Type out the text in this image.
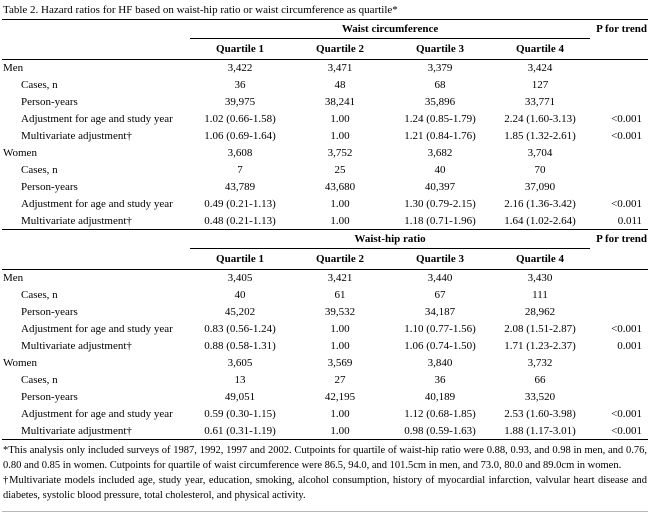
Table 2. Hazard ratios for HF based on waist-hip ratio or waist circumference as quartile*
	Waist circumference				P for trend
	Quartile 1	Quartile 2	Quartile 3	Quartile 4	
Men	3,422	3,471	3,379	3,424	
Cases, n	36	48	68	127	
Person-years	39,975	38,241	35,896	33,771	
Adjustment for age and study year	1.02 (0.66-1.58)	1.00	1.24 (0.85-1.79)	2.24 (1.60-3.13)	<0.001
Multivariate adjustment†	1.06 (0.69-1.64)	1.00	1.21 (0.84-1.76)	1.85 (1.32-2.61)	<0.001
Women	3,608	3,752	3,682	3,704	
Cases, n	7	25	40	70	
Person-years	43,789	43,680	40,397	37,090	
Adjustment for age and study year	0.49 (0.21-1.13)	1.00	1.30 (0.79-2.15)	2.16 (1.36-3.42)	<0.001
Multivariate adjustment†	0.48 (0.21-1.13)	1.00	1.18 (0.71-1.96)	1.64 (1.02-2.64)	0.011
	Waist-hip ratio				P for trend
	Quartile 1	Quartile 2	Quartile 3	Quartile 4	
Men	3,405	3,421	3,440	3,430	
Cases, n	40	61	67	111	
Person-years	45,202	39,532	34,187	28,962	
Adjustment for age and study year	0.83 (0.56-1.24)	1.00	1.10 (0.77-1.56)	2.08 (1.51-2.87)	<0.001
Multivariate adjustment†	0.88 (0.58-1.31)	1.00	1.06 (0.74-1.50)	1.71 (1.23-2.37)	0.001
Women	3,605	3,569	3,840	3,732	
Cases, n	13	27	36	66	
Person-years	49,051	42,195	40,189	33,520	
Adjustment for age and study year	0.59 (0.30-1.15)	1.00	1.12 (0.68-1.85)	2.53 (1.60-3.98)	<0.001
Multivariate adjustment†	0.61 (0.31-1.19)	1.00	0.98 (0.59-1.63)	1.88 (1.17-3.01)	<0.001

*This analysis only included surveys of 1987, 1992, 1997 and 2002. Cutpoints for quartile of waist-hip ratio were 0.88, 0.93, and 0.98 in men, and 0.76, 0.80 and 0.85 in women. Cutpoints for quartile of waist circumference were 86.5, 94.0, and 101.5cm in men, and 73.0, 80.0 and 89.0cm in women.

†Multivariate models included age, study year, education, smoking, alcohol consumption, history of myocardial infarction, valvular heart disease and diabetes, systolic blood pressure, total cholesterol, and physical activity.
